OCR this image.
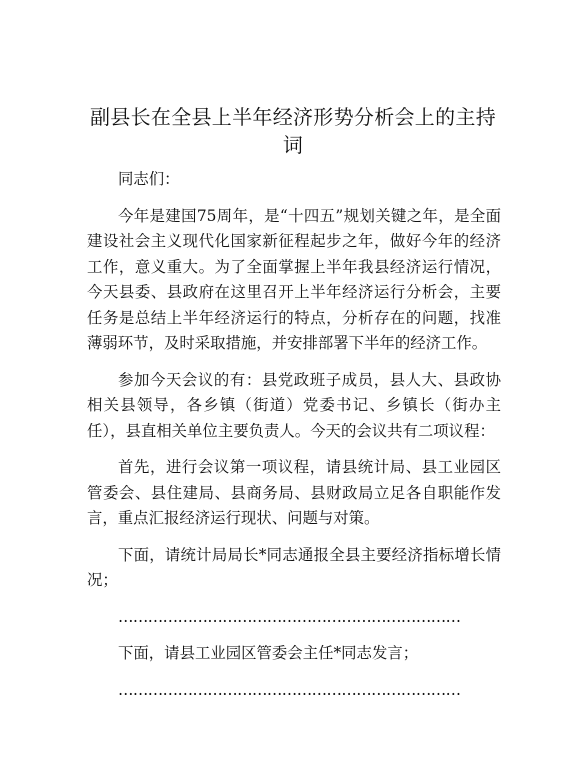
副县长在全县上半年经济形势分析会上的主持词

同志们：

今年是建国75周年，是“十四五”规划关键之年，是全面建设社会主义现代化国家新征程起步之年，做好今年的经济工作，意义重大。为了全面掌握上半年我县经济运行情况，今天县委、县政府在这里召开上半年经济运行分析会，主要任务是总结上半年经济运行的特点，分析存在的问题，找准薄弱环节，及时采取措施，并安排部署下半年的经济工作。

参加今天会议的有：县党政班子成员，县人大、县政协相关县领导，各乡镇（街道）党委书记、乡镇长（街办主任），县直相关单位主要负责人。今天的会议共有二项议程：

首先，进行会议第一项议程，请县统计局、县工业园区管委会、县住建局、县商务局、县财政局立足各自职能作发言，重点汇报经济运行现状、问题与对策。

下面，请统计局局长*同志通报全县主要经济指标增长情况；

……………………………………………………………

下面，请县工业园区管委会主任*同志发言；

……………………………………………………………
